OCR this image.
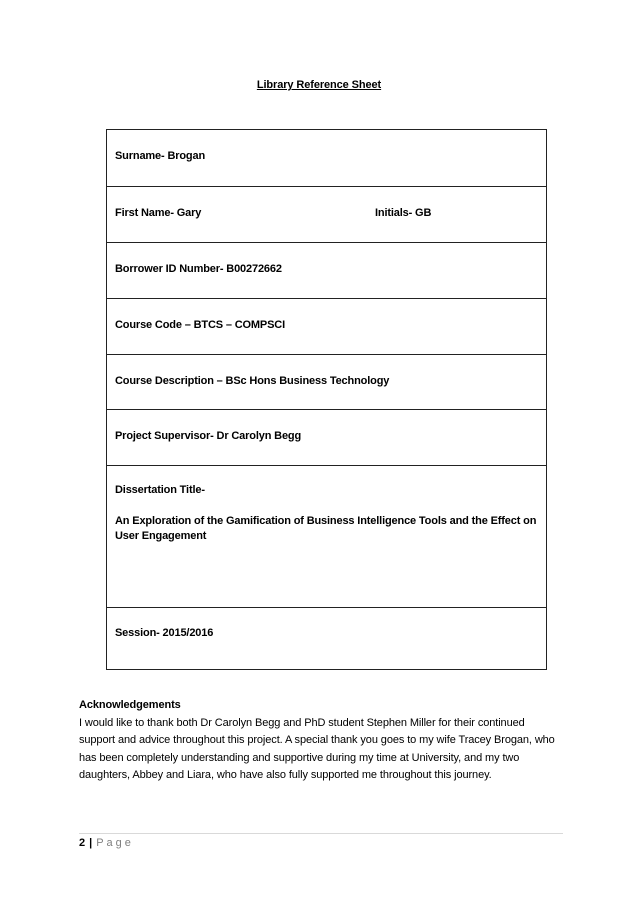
Library Reference Sheet
Surname- Brogan
First Name- Gary	Initials- GB
Borrower ID Number- B00272662
Course Code – BTCS – COMPSCI
Course Description – BSc Hons Business Technology
Project Supervisor- Dr Carolyn Begg
Dissertation Title-
An Exploration of the Gamification of Business Intelligence Tools and the Effect on User Engagement
Session- 2015/2016
Acknowledgements
I would like to thank both Dr Carolyn Begg and PhD student Stephen Miller for their continued support and advice throughout this project. A special thank you goes to my wife Tracey Brogan, who has been completely understanding and supportive during my time at University, and my two daughters, Abbey and Liara, who have also fully supported me throughout this journey.
2 | Page
